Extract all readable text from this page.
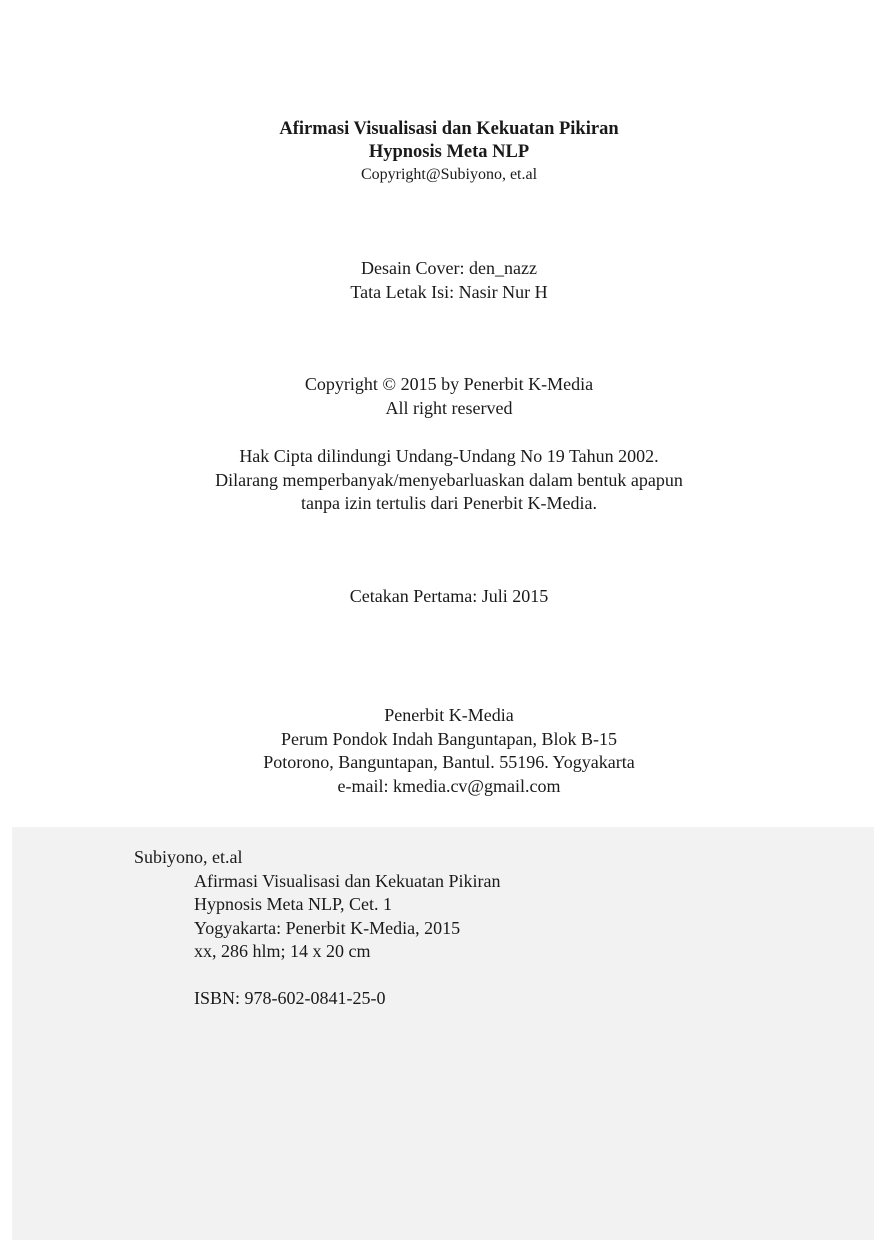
Afirmasi Visualisasi dan Kekuatan Pikiran
Hypnosis Meta NLP
Copyright@Subiyono, et.al
Desain Cover: den_nazz
Tata Letak Isi: Nasir Nur H
Copyright © 2015 by Penerbit K-Media
All right reserved
Hak Cipta dilindungi Undang-Undang No 19 Tahun 2002.
Dilarang memperbanyak/menyebarluaskan dalam bentuk apapun
tanpa izin tertulis dari Penerbit K-Media.
Cetakan Pertama: Juli 2015
Penerbit K-Media
Perum Pondok Indah Banguntapan, Blok B-15
Potorono, Banguntapan, Bantul. 55196. Yogyakarta
e-mail: kmedia.cv@gmail.com
Subiyono, et.al
Afirmasi Visualisasi dan Kekuatan Pikiran
Hypnosis Meta NLP, Cet. 1
Yogyakarta: Penerbit K-Media, 2015
xx, 286 hlm; 14 x 20 cm
ISBN: 978-602-0841-25-0
